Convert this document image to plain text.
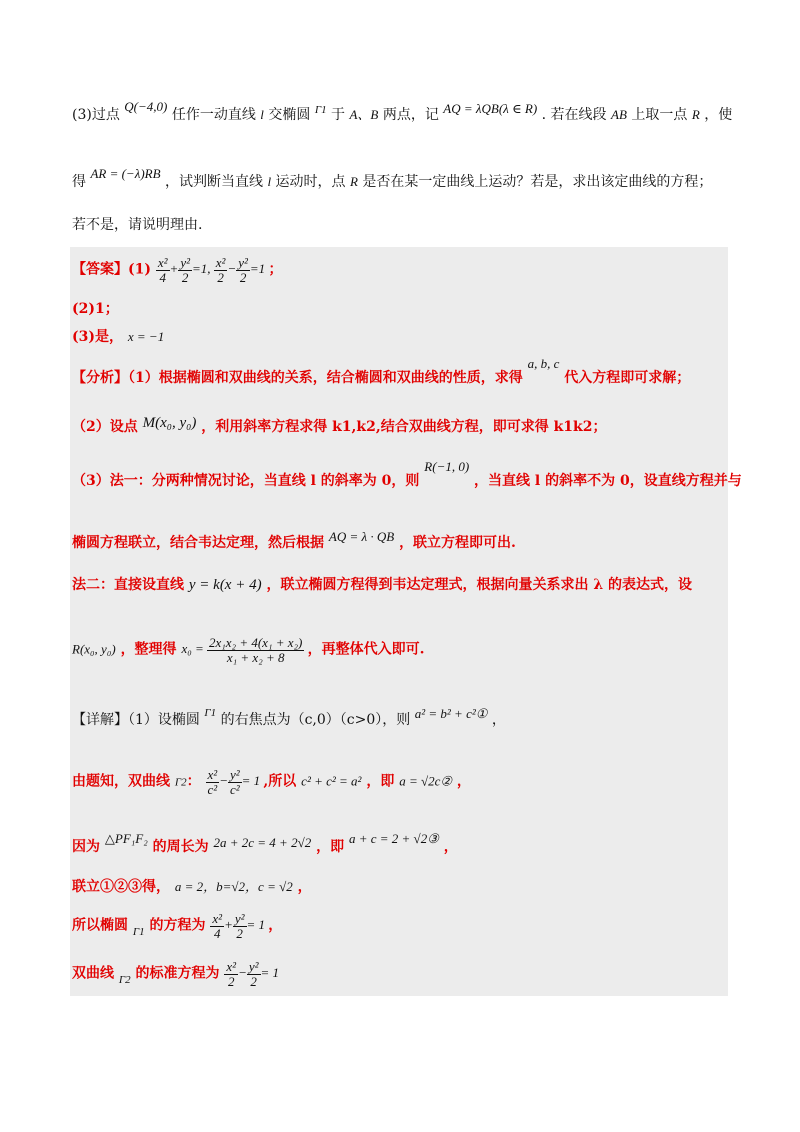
(3)过点 Q(−4,0) 任作一动直线 l 交椭圆 $^{\Gamma 1}$ 于 A、B 两点，记 AQ = λQB(λ ∈ R) . 若在线段 AB 上取一点 R ，使
得 AR = (−λ)RB ，试判断当直线 l 运动时，点 R 是否在某一定曲线上运动？若是，求出该定曲线的方程；
若不是，请说明理由.
【答案】$(1) \frac{\text{x²}}{4} + \frac{\text{y²}}{2} =1$, $\frac{\text{x²}}{2} - \frac{\text{y²}}{2} =1$ ；
(2)1；
(3)是， x = −1
【分析】（1）根据椭圆和双曲线的关系，结合椭圆和双曲线的性质，求得 a, b, c 代入方程即可求解；
（2）设点 M(x₀, y₀) ，利用斜率方程求得 k1,k2,结合双曲线方程，即可求得 k1k2；
（3）法一：分两种情况讨论，当直线 l 的斜率为 0，则 R(−1, 0) ，当直线 l 的斜率不为 0，设直线方程并与
椭圆方程联立，结合韦达定理，然后根据 AQ = λ · QB ，联立方程即可出.
法二：直接设直线 y = k(x + 4) ，联立椭圆方程得到韦达定理式，根据向量关系求出 λ 的表达式，设
R(x₀, y₀) ，整理得 $x_0 = \frac{\text{2x₁x₂ + 4(x₁ + x₂)}}{\text{x₁ + x₂ + 8}}$ ，再整体代入即可.
【详解】（1）设椭圆 $^{\Gamma 1}$ 的右焦点为（c,0）（c>0），则 a² = b² + c²① ，
由题知，双曲线 Γ2： $\frac{\text{x²}}{\text{c²}} - \frac{\text{y²}}{\text{c²}} = 1$ ,所以 c² + c² = a² ，即 a = √2c② ，
因为 △PF₁F₂ 的周长为 2a + 2c = 4 + 2√2 ，即 a + c = 2 + √2③ ，
联立①②③得， a = 2，b=√2，c = √2 ，
所以椭圆 $_{\Gamma 1}$ 的方程为 $\frac{\text{x²}}{4} + \frac{\text{y²}}{2} = 1$ ，
双曲线 $_{\Gamma 2}$ 的标准方程为 $\frac{\text{x²}}{2} - \frac{\text{y²}}{2} = 1$
